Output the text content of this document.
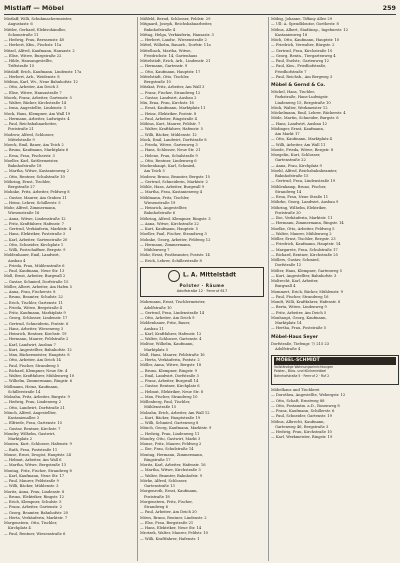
Mistlaff — Möbel	259
Mistlaff, Willi, Schuhmachermeister,
Augustastr. 6
Mittler, Gerhard, Elektrohändler,
Schomstraße 11
— Hedwig, Frau, Bernsenstr. 40
— Herbert, Kfm., Fischstr. 11a
Mitzel, Alfred, Kaufmann, Hansastr. 2
— Elise, Witwe, Burgstraße 22
— Hilde, Hausangestellte,
Triftstraße 15
Mitzlaff, Erich, Kaufmann, Lindenstr. 17a
— Herbert, Arb., Weidenstr. 8
Möbius, Karl, Wv., Neue Bahnhofstr. 12
— Otto, Arbeiter, Am Deich 3
— Elise, Witwe, Hansastraße 7
Mocek, Franz, Arbeiter, Gartenstr. 5
— Walter, Bäcker, Kirchstraße 14
— Irma, Angestellte, Lindenstr. 3
Mock, Hans, Klempner, Am Wall 19
— Hermann, Arbeiter, Ludwigstr. 4
— Paul, Reichsbahnarbeiter,
Poststraße 21
Modrow, Alfred, Schlosser,
Mittelstraße 9
Moeck, Emil, Bauer, Am Teich 2
— Bruno, Kaufmann, Marktplatz 6
— Erna, Frau, Fischerstr. 3
Moeller, Karl, Sattlermeister,
Bahnhofstraße 18
— Martha, Witwe, Kastanienweg 2
— Otto, Rentner, Schulstraße 10
Möhring, Ernst, Tischler,
Bergstraße 27
Mohnke, Fritz, Arbeiter, Feldweg 8
— Gustav, Maurer, Am Graben 11
— Heinz, Lehrer, Schillerstr. 5
Mohr, Alfred, Zimmermann,
Wiesenstraße 16
— Anna, Witwe, Lindenstraße 12
— Fritz, Kraftfahrer, Hafenstr. 7
— Gertrud, Verkäuferin, Marktstr. 4
— Hans, Elektriker, Poststraße 3
— Karl, Arbeiter, Gartenstraße 20
— Otto, Schneider, Kirchplatz 1
— Willi, Postschaffner, Bergstr. 9
Moldenhauer, Emil, Landwirt,
Ausbau 4
— Frieda, Frau, Mühlenstraße 6
— Paul, Kaufmann, Neue Str. 13
Moll, Ernst, Arbeiter, Burgwall 2
— Gustav, Schmied, Dorfstraße 15
Möller, Albert, Arbeiter, Am Hafen 5
— Anna, Frau, Fischerstr. 8
— Bruno, Beamter, Schulstr. 22
— Erich, Tischler, Gartenstr. 11
— Frieda, Witwe, Bergstraße 4
— Fritz, Kaufmann, Marktplatz 9
— Georg, Schlosser, Lindenstr. 17
— Gertrud, Schneiderin, Poststr. 6
— Hans, Arbeiter, Wiesenweg 3
— Heinrich, Rentner, Kirchstr. 19
— Hermann, Maurer, Feldstraße 2
— Karl, Landwirt, Ausbau 7
— Kurt, Angestellter, Bahnhofstr. 12
— Max, Bäckermeister, Hauptstr. 8
— Otto, Arbeiter, Am Deich 14
— Paul, Fischer, Strandweg 5
— Richard, Klempner, Neue Str. 4
— Walter, Kraftfahrer, Mühlenweg 10
— Wilhelm, Zimmermann, Ringstr. 6
Möllmann, Heinz, Kaufmann,
Schillerstraße 14
Molzahn, Fritz, Arbeiter, Burgstr. 9
— Hedwig, Frau, Lindenweg 2
— Otto, Landwirt, Dorfstraße 21
Mönch, Alfred, Angestellter,
Kastanienallee 3
— Elfriede, Frau, Gartenstr. 15
— Gustav, Rentner, Kirchstr. 7
Mondry, Wilhelm, Gastwirt,
Marktplatz 2
Monien, Kurt, Schlosser, Hafenstr. 9
— Ruth, Frau, Poststraße 11
Monse, Ernst, Drogist, Hauptstr. 24
— Helmut, Arbeiter, Am Wall 6
— Martha, Witwe, Bergstraße 13
Montag, Fritz, Fischer, Strandweg 8
— Karl, Kaufmann, Neue Str. 17
— Paul, Maurer, Feldstraße 9
— Willi, Bäcker, Mühlenstr. 3
Moritz, Anna, Frau, Lindenstr. 8
— Bruno, Elektriker, Ringstr. 12
— Erich, Klempner, Schulstr. 5
— Franz, Arbeiter, Gartenstr. 2
— Georg, Beamter, Bahnhofstr. 20
— Herta, Verkäuferin, Marktstr. 7
Morgenstern, Otto, Tischler,
Kirchplatz 4
— Paul, Rentner, Wiesenstraße 6
Mißfeld, Bernd, Schlosser, Feldstr. 29
Mitgaard, Joseph, Reichsbahnarbeiter,
Bahnhofstraße 4
Mittag, Helga, Verkäuferin, Hansastr. 3
— Herbert, Landw., Wiesenstraße 2
Mittel, Wilhelm, Bauarb., Dorfstr. 11a
Mittelbach, Martha, Witwe,
Friedrichstr. 14, Gartenhaus
Mittelstädt, Erich, Arb., Lindenstr. 21
— Hermann, Gartenstr. 9
— Otto, Kaufmann, Hauptstr. 17
Mittelstädt, Otto, Tischler,
Bergstraße 10
Mitzkat, Fritz, Arbeiter, Am Wall 3
— Franz, Fischer, Strandweg 12
— Gustav, Landwirt, Ausbau 2
Mix, Erna, Frau, Kirchstr. 16
— Ernst, Kaufmann, Marktplatz 11
— Heinz, Elektriker, Poststr. 8
— Paul, Arbeiter, Ringstraße 4
Möbius, Kurt, Maurer, Feldstr. 7
— Walter, Kraftfahrer, Hafenstr. 5
— Willi, Bäcker, Mühlenstr. 12
Mock, Emil, Landwirt, Dorfstraße 8
— Frieda, Witwe, Gartenweg 3
— Hans, Schlosser, Neue Str. 21
— Helene, Frau, Schulstraße 9
— Otto, Rentner, Lindenweg 6
Mockenhaupt, Karl, Schmied,
Am Teich 5
Modrow, Bruno, Beamter, Bergstr. 15
— Gertrud, Schneiderin, Marktstr. 2
Möhle, Hans, Arbeiter, Burgwall 9
— Martha, Frau, Kastanienweg 4
Möhlmann, Fritz, Tischler,
Wiesenstraße 19
— Heinrich, Angestellter,
Bahnhofstraße 6
Möhring, Alfred, Klempner, Ringstr. 3
— Anna, Witwe, Kirchstraße 22
— Kurt, Kaufmann, Hauptstr. 5
Moeller, Paul, Fischer, Strandweg 3
Mohnke, Georg, Arbeiter, Feldweg 12
— Hermann, Zimmermann,
Mühlenweg 7
Mohr, Ernst, Postbeamter, Poststr. 14
— Erich, Lehrer, Schillerstraße 8
L. A. Mittelstädt
Polster · Räume
Adolfstraße 12 · Fernruf 617
Mohrmann, Ernst, Tischlermeister,
Adolfstraße 10
— Gertrud, Frau, Lindenstraße 14
— Otto, Arbeiter, Am Deich 9
Moldenhauer, Fritz, Bauer,
Ausbau 11
— Karl, Kraftfahrer, Hafenstr. 12
— Walter, Schlosser, Gartenstr. 4
Molitor, Wilhelm, Kaufmann,
Marktplatz 5
Moll, Hans, Maurer, Feldstraße 16
— Herta, Verkäuferin, Poststr. 2
Möller, Anna, Witwe, Bergstr. 18
— Bruno, Klempner, Ringstr. 9
— Emil, Landwirt, Dorfstraße 3
— Franz, Arbeiter, Burgwall 14
— Gustav, Rentner, Kirchplatz 6
— Helmut, Elektriker, Neue Str. 8
— Max, Fischer, Strandweg 10
Möllenberg, Paul, Tischler,
Mühlenstraße 15
Molzahn, Erich, Arbeiter, Am Wall 12
— Kurt, Bäcker, Hauptstraße 19
— Willi, Schmied, Gartenweg 8
Mönch, Georg, Kaufmann, Marktstr. 9
— Hedwig, Frau, Lindenweg 11
Mondry, Otto, Gastwirt, Markt 3
Monse, Fritz, Maurer, Feldweg 2
— Ilse, Frau, Schulstraße 14
Montag, Hermann, Zimmermann,
Ringstraße 17
Moritz, Karl, Arbeiter, Hafenstr. 16
— Martha, Witwe, Kirchstraße 3
— Walter, Beamter, Bahnhofstr. 9
Mörke, Alfred, Schlosser,
Gartenstraße 13
Morgenroth, Ernst, Kaufmann,
Poststraße 18
Morgenstern, Fritz, Fischer,
Strandweg 6
— Paul, Arbeiter, Am Deich 20
Möws, Bruno, Rentner, Lindenstr. 2
— Else, Frau, Bergstraße 21
— Hans, Elektriker, Neue Str. 14
Mrotzek, Walter, Maurer, Feldstr. 10
— Willi, Kraftfahrer, Hafenstr. 1
Möbig, Johanne, Tiffany Allee 29
— Ull: A. Speudbloutor, Goethestr. 8
Möbus, Albert, Stadtinsp., Ingeburstr. 12
Kastanienweg 18
Möch, Otto, Kaufmann, Hauptstr. 10
— Friedrich, Verwalter, Bürgstr. 2
— Gertrud, Frau, Kirchstraße 10
— Georg, Rentn., Tiergartenweg 4
— Paul, Eselstr., Gartenweg 12
— Paul, Kim., Friedhofstraße,
Friedhofstraße 7
— Paul, Reichsb., Am Bergweg 3
Möbel & Gernd & Co.
Möckel, Hans, Tischler,
Parkstraße, Hans-Ludwigstr.
Lindenweg 15, Bergstraße 10
Möck, Walter, Werkmeister 12
Möckelmann, Emil, Lehrer, Bäckerstr. 4
Möde, Martin, Schneider, Burgstr. 6
— Hans, Landwirt, Ausbau 12
Mödinger, Ernst, Kaufmann,
Am Markt 17
— Otto, Kaufmann, Marktplatz 4
— Willi, Arbeiter, Am Wall 11
Moede, Frieda, Witwe, Bergstr. 8
Moegelin, Kurt, Schlosser,
Gartenstraße 22
— Anna, Frau, Kirchplatz 9
Moehl, Alfred, Reichsbahnbeamter,
Bahnhofstraße 15
— Gertrud, Frau, Lindenstraße 19
Möhlenkamp, Bruno, Fischer,
Strandweg 14
— Erna, Frau, Neue Straße 11
Möhrke, Georg, Landwirt, Ausbau 9
Möhring, Wilhelm, Elektriker,
Poststraße 20
— Ilse, Verkäuferin, Marktstr. 11
— Hermann, Zimmermann, Ringstr. 14
Moelke, Otto, Arbeiter, Feldweg 5
— Walter, Maurer, Mühlenweg 2
Möller, Ernst, Tischler, Bergstr. 23
— Friedrich, Kaufmann, Hauptstr. 14
— Margarete, Frau, Schulstraße 17
— Richard, Rentner, Kirchstraße 25
Möllers, Gustav, Schmied,
Dorfstraße 12
Mölter, Hans, Klempner, Gartenweg 5
— Kurt, Angestellter, Bahnhofstr. 3
Moltrecht, Karl, Arbeiter,
Burgwall 4
Mommert, Erich, Bäcker, Mühlenstr. 9
— Paul, Fischer, Strandweg 16
Mondt, Willi, Kraftfahrer, Hafenstr. 8
— Berta, Witwe, Lindenweg 9
— Fritz, Arbeiter, Am Deich 5
Monhaupt, Georg, Kaufmann,
Marktplatz 14
— Hertha, Frau, Poststraße 5
Möbel-Haus Seyer
Dorfstraße, Tiefengr. 7/ 215 23
Adolfstraße 4
MÖBEL-SCHMIDT
Vollständige Wohnungseinrichtungen
Polster-, Büro- und Küchenmöbel
Bahnhofstraße 5 · Fernruf 2 · Ruf 2
Möbelhaus und Tischlerei
— Dorothea, Angestellte, Webergstr. 12
— Otto, Schaft, Ernstweg 88
— Otto, Postamtm. a.D., Rosenweg 8
— Franz, Kaufmann, Schillerstr. 6
— Paul, Schneider, Gartenstr. 19
Möbus, Albrecht, Kaufmann,
Gartenweg 46, Bergstraße 3
— Hedwig, Frau, Kirchstraße 10
— Karl, Werkmeister, Ringstr. 19
